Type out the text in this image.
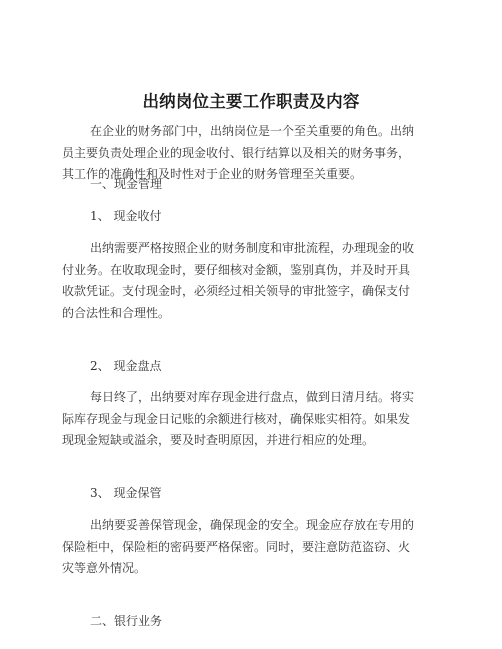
出纳岗位主要工作职责及内容
在企业的财务部门中，出纳岗位是一个至关重要的角色。出纳员主要负责处理企业的现金收付、银行结算以及相关的财务事务，其工作的准确性和及时性对于企业的财务管理至关重要。
一、现金管理
1、 现金收付
出纳需要严格按照企业的财务制度和审批流程，办理现金的收付业务。在收取现金时，要仔细核对金额，鉴别真伪，并及时开具收款凭证。支付现金时，必须经过相关领导的审批签字，确保支付的合法性和合理性。
2、 现金盘点
每日终了，出纳要对库存现金进行盘点，做到日清月结。将实际库存现金与现金日记账的余额进行核对，确保账实相符。如果发现现金短缺或溢余，要及时查明原因，并进行相应的处理。
3、 现金保管
出纳要妥善保管现金，确保现金的安全。现金应存放在专用的保险柜中，保险柜的密码要严格保密。同时，要注意防范盗窃、火灾等意外情况。
二、银行业务
